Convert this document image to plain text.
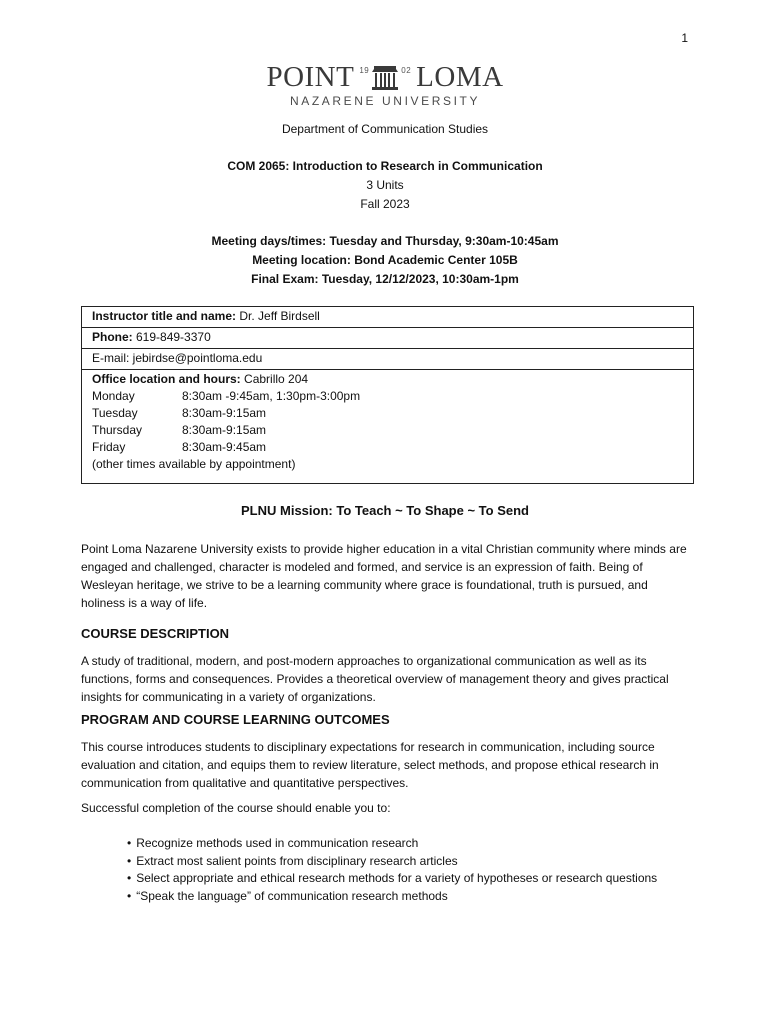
1
POINT 19	02 LOMA
NAZARENE UNIVERSITY
Department of Communication Studies
COM 2065: Introduction to Research in Communication
3 Units
Fall 2023
Meeting days/times: Tuesday and Thursday, 9:30am-10:45am
Meeting location: Bond Academic Center 105B
Final Exam: Tuesday, 12/12/2023, 10:30am-1pm
Instructor title and name: Dr. Jeff Birdsell
Phone: 619-849-3370
E-mail: jebirdse@pointloma.edu
Office location and hours: Cabrillo 204
Monday	8:30am -9:45am, 1:30pm-3:00pm
Tuesday	8:30am-9:15am
Thursday	8:30am-9:15am
Friday	8:30am-9:45am
(other times available by appointment)
PLNU Mission: To Teach ~ To Shape ~ To Send

Point Loma Nazarene University exists to provide higher education in a vital Christian community where minds are engaged and challenged, character is modeled and formed, and service is an expression of faith. Being of Wesleyan heritage, we strive to be a learning community where grace is foundational, truth is pursued, and holiness is a way of life.

COURSE DESCRIPTION

A study of traditional, modern, and post-modern approaches to organizational communication as well as its functions, forms and consequences. Provides a theoretical overview of management theory and gives practical insights for communicating in a variety of organizations.

PROGRAM AND COURSE LEARNING OUTCOMES

This course introduces students to disciplinary expectations for research in communication, including source evaluation and citation, and equips them to review literature, select methods, and propose ethical research in communication from qualitative and quantitative perspectives.

Successful completion of the course should enable you to:

• Recognize methods used in communication research
• Extract most salient points from disciplinary research articles
• Select appropriate and ethical research methods for a variety of hypotheses or research questions
• “Speak the language” of communication research methods
